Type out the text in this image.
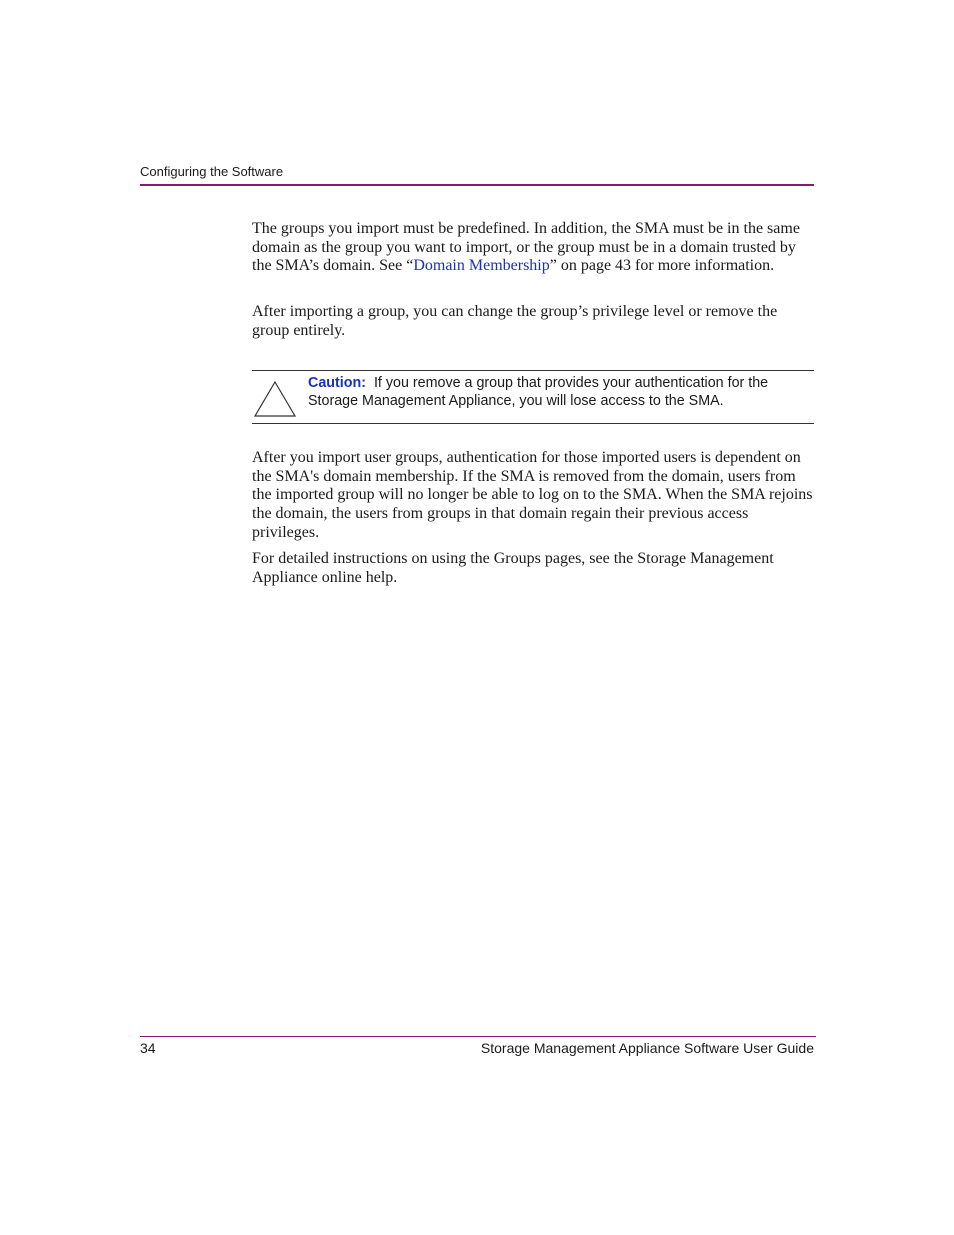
Configuring the Software

The groups you import must be predefined. In addition, the SMA must be in the same domain as the group you want to import, or the group must be in a domain trusted by the SMA’s domain. See “Domain Membership” on page 43 for more information.

After importing a group, you can change the group’s privilege level or remove the group entirely.

Caution: If you remove a group that provides your authentication for the Storage Management Appliance, you will lose access to the SMA.

After you import user groups, authentication for those imported users is dependent on the SMA's domain membership. If the SMA is removed from the domain, users from the imported group will no longer be able to log on to the SMA. When the SMA rejoins the domain, the users from groups in that domain regain their previous access privileges.

For detailed instructions on using the Groups pages, see the Storage Management Appliance online help.

34	Storage Management Appliance Software User Guide
